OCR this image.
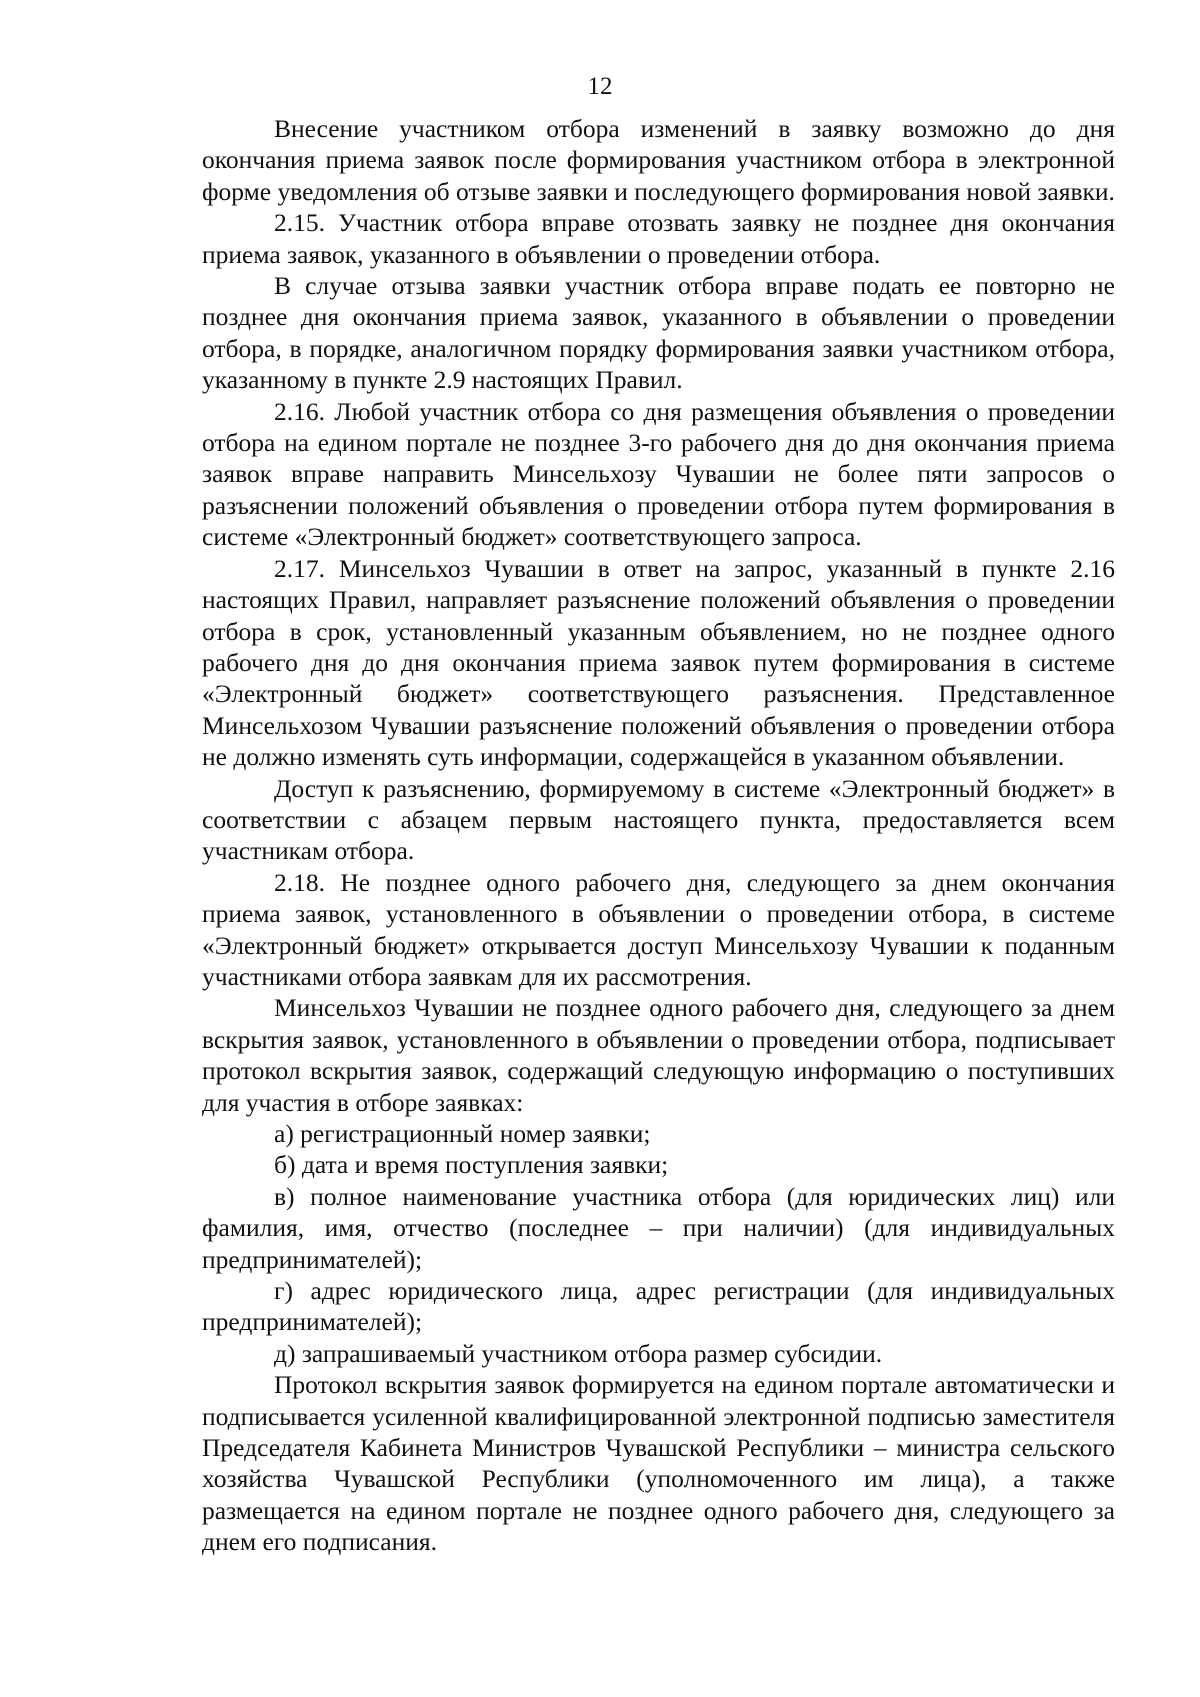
12

Внесение участником отбора изменений в заявку возможно до дня окончания приема заявок после формирования участником отбора в электронной форме уведомления об отзыве заявки и последующего формирования новой заявки.

2.15. Участник отбора вправе отозвать заявку не позднее дня окончания приема заявок, указанного в объявлении о проведении отбора.

В случае отзыва заявки участник отбора вправе подать ее повторно не позднее дня окончания приема заявок, указанного в объявлении о проведении отбора, в порядке, аналогичном порядку формирования заявки участником отбора, указанному в пункте 2.9 настоящих Правил.

2.16. Любой участник отбора со дня размещения объявления о проведении отбора на едином портале не позднее 3-го рабочего дня до дня окончания приема заявок вправе направить Минсельхозу Чувашии не более пяти запросов о разъяснении положений объявления о проведении отбора путем формирования в системе «Электронный бюджет» соответствующего запроса.

2.17. Минсельхоз Чувашии в ответ на запрос, указанный в пункте 2.16 настоящих Правил, направляет разъяснение положений объявления о проведении отбора в срок, установленный указанным объявлением, но не позднее одного рабочего дня до дня окончания приема заявок путем формирования в системе «Электронный бюджет» соответствующего разъяснения. Представленное Минсельхозом Чувашии разъяснение положений объявления о проведении отбора не должно изменять суть информации, содержащейся в указанном объявлении.

Доступ к разъяснению, формируемому в системе «Электронный бюджет» в соответствии с абзацем первым настоящего пункта, предоставляется всем участникам отбора.

2.18. Не позднее одного рабочего дня, следующего за днем окончания приема заявок, установленного в объявлении о проведении отбора, в системе «Электронный бюджет» открывается доступ Минсельхозу Чувашии к поданным участниками отбора заявкам для их рассмотрения.

Минсельхоз Чувашии не позднее одного рабочего дня, следующего за днем вскрытия заявок, установленного в объявлении о проведении отбора, подписывает протокол вскрытия заявок, содержащий следующую информацию о поступивших для участия в отборе заявках:

а) регистрационный номер заявки;

б) дата и время поступления заявки;

в) полное наименование участника отбора (для юридических лиц) или фамилия, имя, отчество (последнее – при наличии) (для индивидуальных предпринимателей);

г) адрес юридического лица, адрес регистрации (для индивидуальных предпринимателей);

д) запрашиваемый участником отбора размер субсидии.

Протокол вскрытия заявок формируется на едином портале автоматически и подписывается усиленной квалифицированной электронной подписью заместителя Председателя Кабинета Министров Чувашской Республики – министра сельского хозяйства Чувашской Республики (уполномоченного им лица), а также размещается на едином портале не позднее одного рабочего дня, следующего за днем его подписания.
